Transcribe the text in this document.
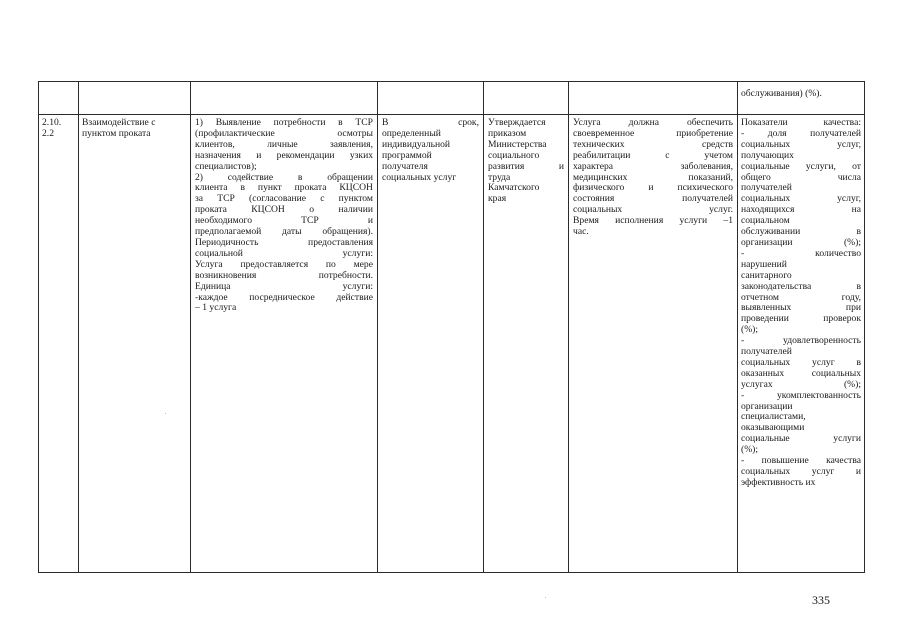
обслуживания) (%).
2.10.
2.2
Взаимодействие с
пунктом проката
1) Выявление потребности в ТСР
(профилактические осмотры
клиентов, личные заявления,
назначения и рекомендации узких
специалистов);
2) содействие в обращении
клиента в пункт проката КЦСОН
за ТСР (согласование с пунктом
проката КЦСОН о наличии
необходимого ТСР и
предполагаемой даты обращения).
Периодичность предоставления
социальной услуги:
Услуга предоставляется по мере
возникновения потребности.
Единица услуги:
-каждое посредническое действие
– 1 услуга
В срок,
определенный
индивидуальной
программой
получателя
социальных услуг
Утверждается
приказом
Министерства
социального
развития и
труда
Камчатского
края
Услуга должна обеспечить
своевременное приобретение
технических средств
реабилитации с учетом
характера заболевания,
медицинских показаний,
физического и психического
состояния получателей
социальных услуг.
Время исполнения услуги –1
час.
Показатели качества:
- доля получателей
социальных услуг,
получающих
социальные услуги, от
общего числа
получателей
социальных услуг,
находящихся на
социальном
обслуживании в
организации (%);
- количество
нарушений
санитарного
законодательства в
отчетном году,
выявленных при
проведении проверок
(%);
- удовлетворенность
получателей
социальных услуг в
оказанных социальных
услугах (%);
- укомплектованность
организации
специалистами,
оказывающими
социальные услуги
(%);
- повышение качества
социальных услуг и
эффективность их
335
